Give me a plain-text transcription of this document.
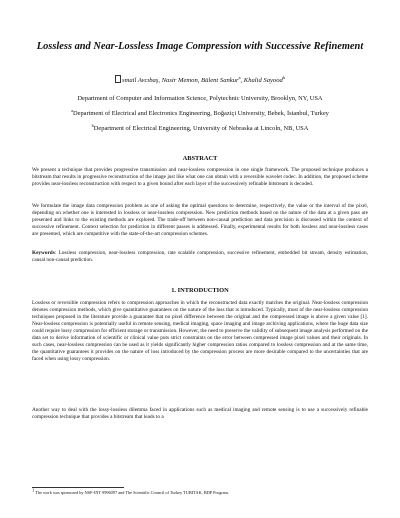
Lossless and Near-Lossless Image Compression with Successive Refinement
smail Avcıbaş, Nasir Memon, Bülent Sankur$^a$, Khalid Sayood$^b$
Department of Computer and Information Science, Polytechnic University, Brooklyn, NY, USA
$^a$Department of Electrical and Electronics Engineering, Boğaziçi University, Bebek, İstanbul, Turkey
$^b$Department of Electrical Engineering, University of Nebraska at Lincoln, NB, USA
ABSTRACT
We present a technique that provides progressive transmission and near-lossless compression in one single framework. The proposed technique produces a bitstream that results in progressive reconstruction of the image just like what one can obtain with a reversible wavelet codec. In addition, the proposed scheme provides near-lossless reconstruction with respect to a given bound after each layer of the successively refinable bitstream is decoded.
We formulate the image data compression problem as one of asking the optimal questions to determine, respectively, the value or the interval of the pixel, depending on whether one is interested in lossless or near-lossless compression. New prediction methods based on the nature of the data at a given pass are presented and links to the existing methods are explored. The trade-off between non-causal prediction and data precision is discussed within the context of successive refinement. Context selection for prediction in different passes is addressed. Finally, experimental results for both lossless and near-lossless cases are presented, which are competitive with the state-of-the-art compression schemes.
Keywords: Lossless compression, near-lossless compression, rate scalable compression, successive refinement, embedded bit stream, density estimation, causal non-causal prediction.
1. INTRODUCTION
Lossless or reversible compression refers to compression approaches in which the reconstructed data exactly matches the original. Near-lossless compression denotes compression methods, which give quantitative guarantees on the nature of the loss that is introduced. Typically, most of the near-lossless compression techniques proposed in the literature provide a guarantee that no pixel difference between the original and the compressed image is above a given value [1]. Near-lossless compression is potentially useful in remote sensing, medical imaging, space imaging and image archiving applications, where the huge data size could require lossy compression for efficient storage or transmission. However, the need to preserve the validity of subsequent image analysis performed on the data set to derive information of scientific or clinical value puts strict constraints on the error between compressed image pixel values and their originals. In such cases, near-lossless compression can be used as it yields significantly higher compression ratios compared to lossless compression and at the same time, the quantitative guarantees it provides on the nature of loss introduced by the compression process are more desirable compared to the uncertainties that are faced when using lossy compression.
Another way to deal with the lossy-lossless dilemma faced in applications such as medical imaging and remote sensing is to use a successively refinable compression technique that provides a bitstream that leads to a
1 The work was sponsored by NSF-INT 9996097 and The Scientific Council of Turkey TUBITAK, BDP Program.
